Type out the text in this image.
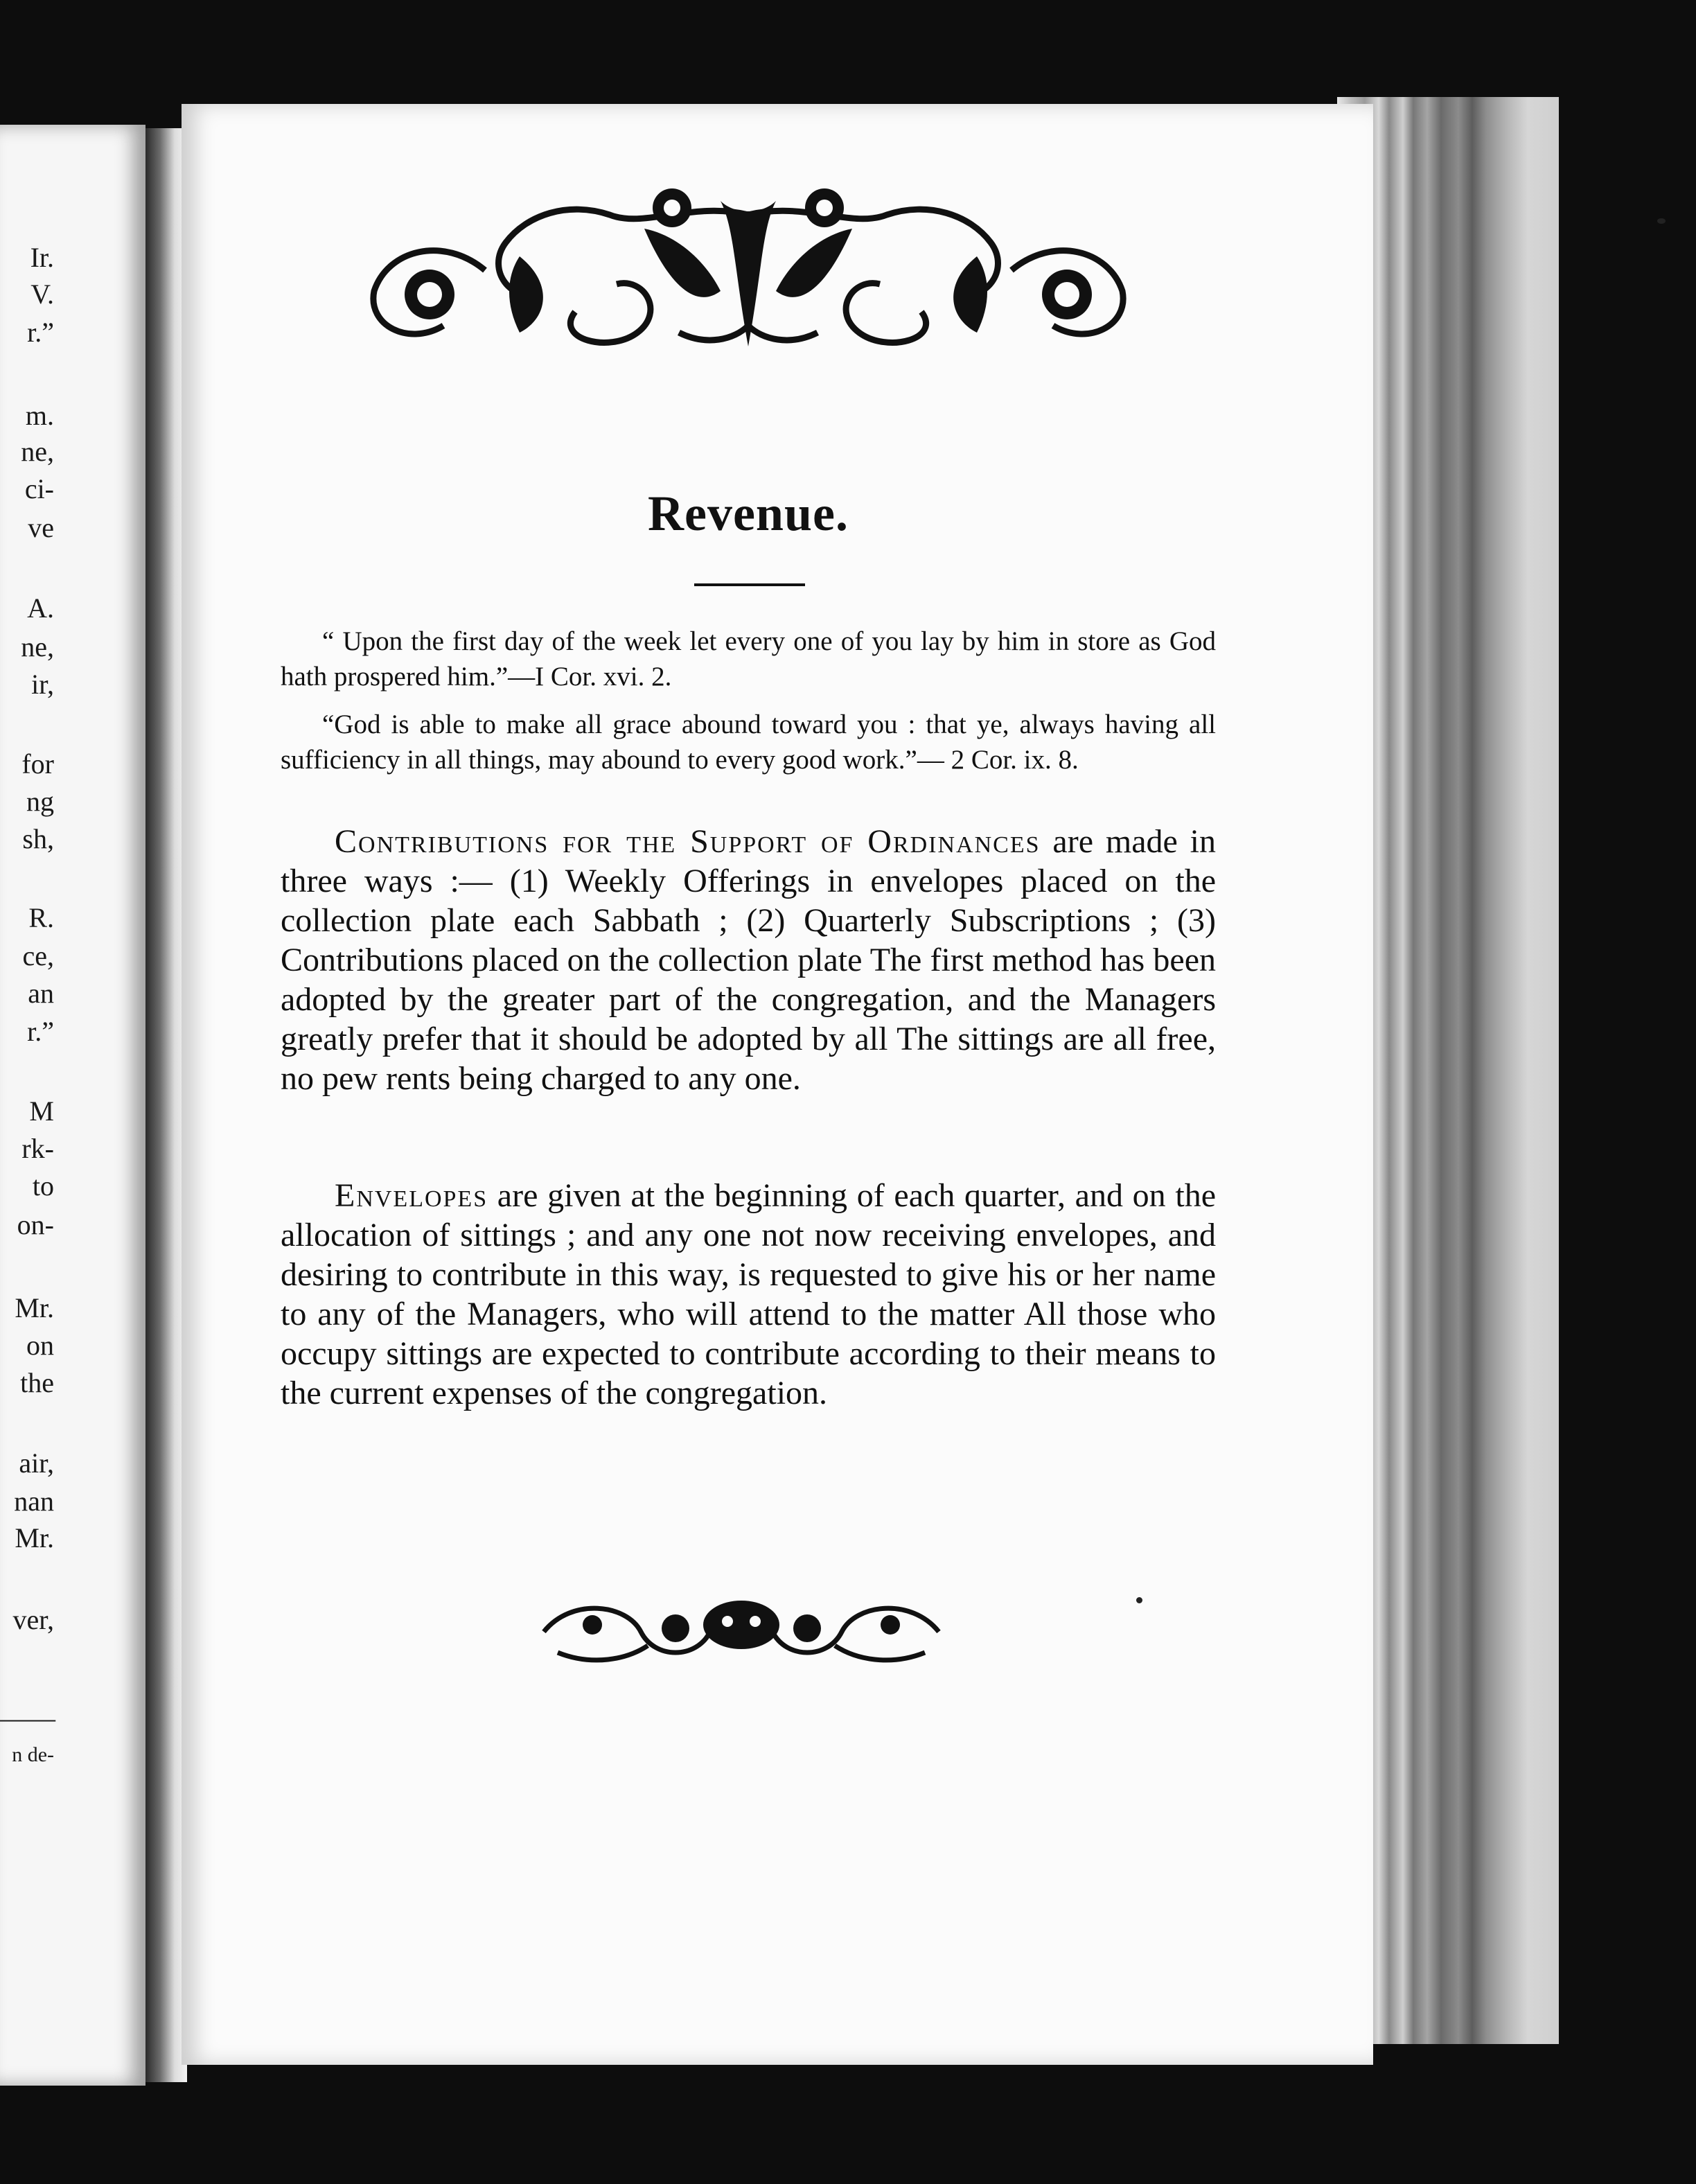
Ir.
V.
r.”
m.
ne,
ci-
ve
A.
ne,
ir,
for
ng
sh,
R.
ce,
an
r.”
M
rk-
to
on-
Mr.
on
the
air,
nan
Mr.
ver,
——
n de-
Revenue.
“ Upon the first day of the week let every one of you lay by him in store as God hath prospered him.”—I Cor. xvi. 2.
“God is able to make all grace abound toward you : that ye, always having all sufficiency in all things, may abound to every good work.”— 2 Cor. ix. 8.
Contributions for the Support of Ordinances are made in three ways :— (1) Weekly Offerings in envelopes placed on the collection plate each Sabbath ; (2) Quarterly Subscriptions ; (3) Contributions placed on the collection plate The first method has been adopted by the greater part of the congregation, and the Managers greatly prefer that it should be adopted by all The sittings are all free, no pew rents being charged to any one.
Envelopes are given at the beginning of each quarter, and on the allocation of sittings ; and any one not now receiving envelopes, and desiring to contribute in this way, is requested to give his or her name to any of the Managers, who will attend to the matter All those who occupy sittings are expected to contribute according to their means to the current expenses of the congregation.
